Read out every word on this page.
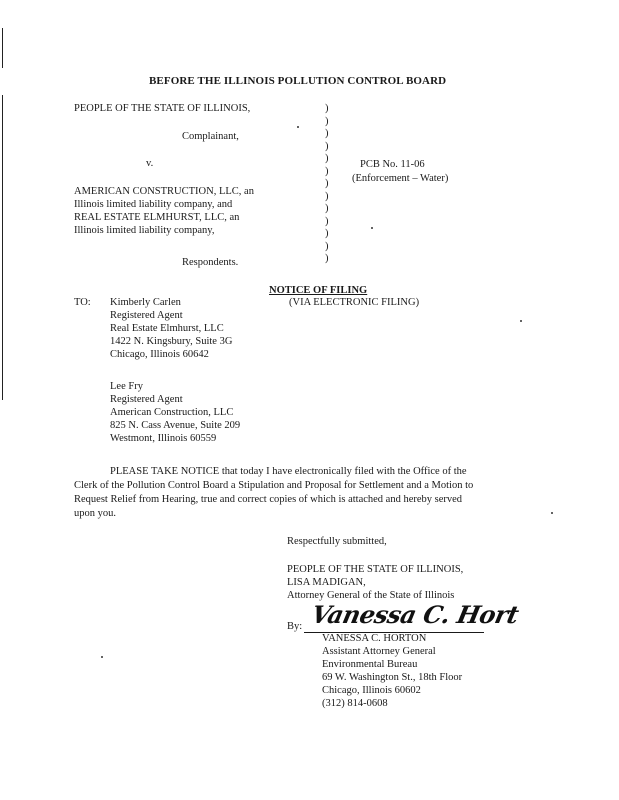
BEFORE THE ILLINOIS POLLUTION CONTROL BOARD
PEOPLE OF THE STATE OF ILLINOIS,
Complainant,
v.
AMERICAN CONSTRUCTION, LLC, an
Illinois limited liability company, and
REAL ESTATE ELMHURST, LLC, an
Illinois limited liability company,
Respondents.
)
)
)
)
)
)
)
)
)
)
)
)
)
PCB No. 11-06
(Enforcement – Water)
NOTICE OF FILING
(VIA ELECTRONIC FILING)
TO: Kimberly Carlen
Registered Agent
Real Estate Elmhurst, LLC
1422 N. Kingsbury, Suite 3G
Chicago, Illinois 60642
Lee Fry
Registered Agent
American Construction, LLC
825 N. Cass Avenue, Suite 209
Westmont, Illinois 60559
PLEASE TAKE NOTICE that today I have electronically filed with the Office of the
Clerk of the Pollution Control Board a Stipulation and Proposal for Settlement and a Motion to
Request Relief from Hearing, true and correct copies of which is attached and hereby served
upon you.
Respectfully submitted,
PEOPLE OF THE STATE OF ILLINOIS,
LISA MADIGAN,
Attorney General of the State of Illinois
By: Vanessa C. Hort
VANESSA C. HORTON
Assistant Attorney General
Environmental Bureau
69 W. Washington St., 18th Floor
Chicago, Illinois 60602
(312) 814-0608
